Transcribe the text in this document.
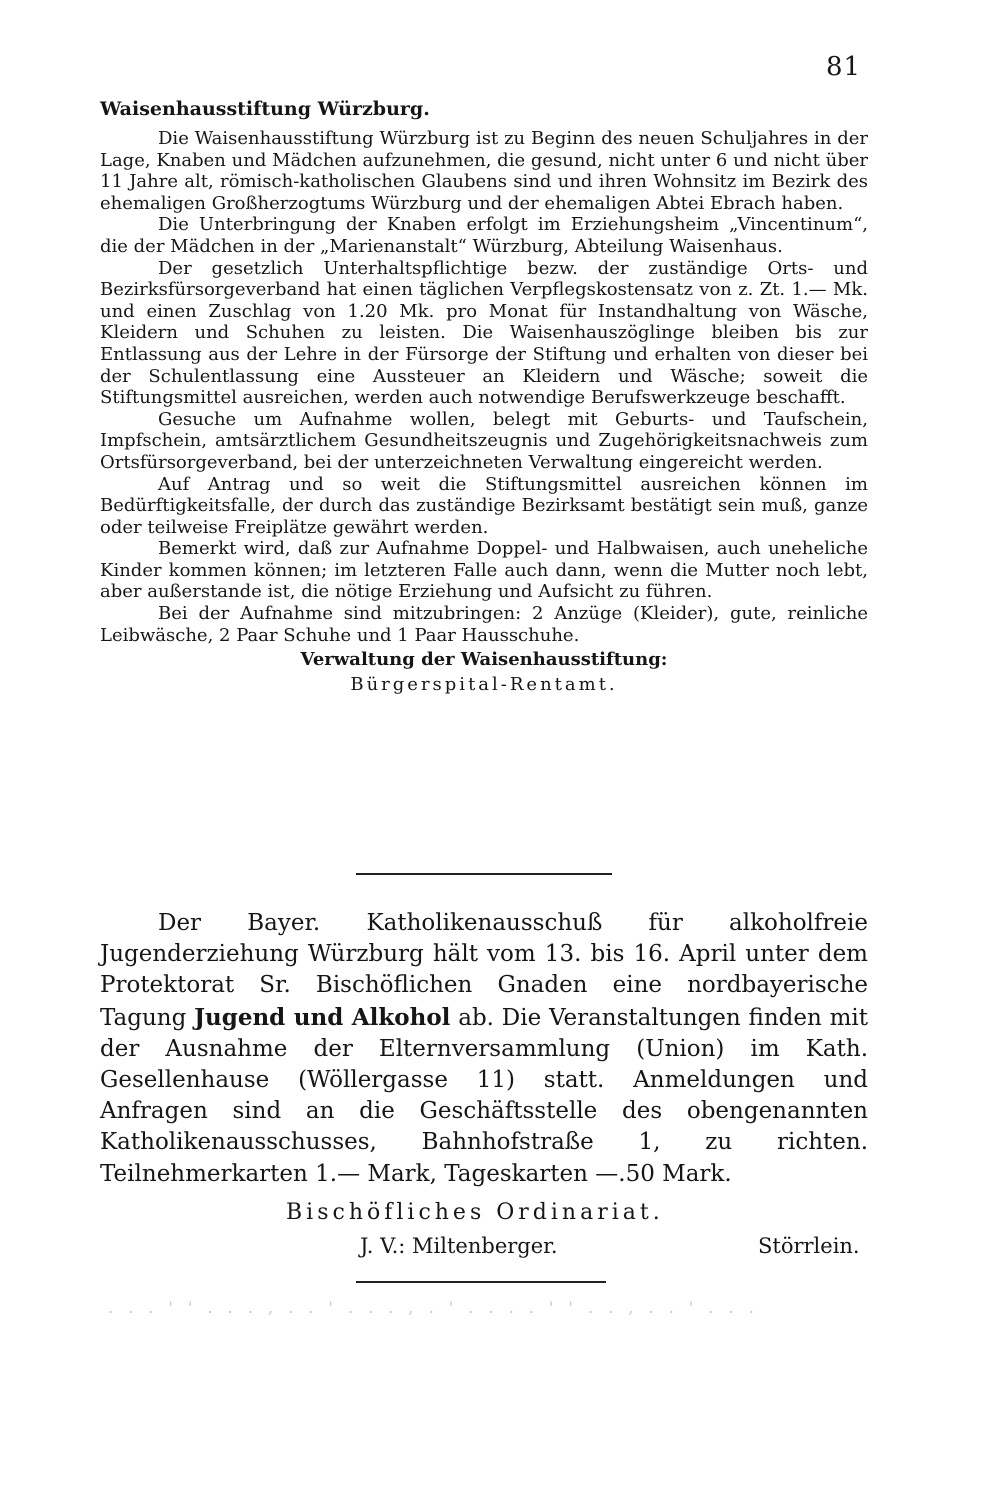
81
Waisenhausstiftung Würzburg.

Die Waisenhausstiftung Würzburg ist zu Beginn des neuen Schuljahres in der Lage, Knaben und Mädchen aufzunehmen, die gesund, nicht unter 6 und nicht über 11 Jahre alt, römisch-katholischen Glaubens sind und ihren Wohnsitz im Bezirk des ehemaligen Großherzogtums Würzburg und der ehemaligen Abtei Ebrach haben.

Die Unterbringung der Knaben erfolgt im Erziehungsheim „Vincentinum“, die der Mädchen in der „Marienanstalt“ Würzburg, Abteilung Waisenhaus.

Der gesetzlich Unterhaltspflichtige bezw. der zuständige Orts- und Bezirksfürsorgeverband hat einen täglichen Verpflegskostensatz von z. Zt. 1.— Mk. und einen Zuschlag von 1.20 Mk. pro Monat für Instandhaltung von Wäsche, Kleidern und Schuhen zu leisten. Die Waisenhauszöglinge bleiben bis zur Entlassung aus der Lehre in der Fürsorge der Stiftung und erhalten von dieser bei der Schulentlassung eine Aussteuer an Kleidern und Wäsche; soweit die Stiftungsmittel ausreichen, werden auch notwendige Berufswerkzeuge beschafft.

Gesuche um Aufnahme wollen, belegt mit Geburts- und Taufschein, Impfschein, amtsärztlichem Gesundheitszeugnis und Zugehörigkeitsnachweis zum Ortsfürsorgeverband, bei der unterzeichneten Verwaltung eingereicht werden.

Auf Antrag und so weit die Stiftungsmittel ausreichen können im Bedürftigkeitsfalle, der durch das zuständige Bezirksamt bestätigt sein muß, ganze oder teilweise Freiplätze gewährt werden.

Bemerkt wird, daß zur Aufnahme Doppel- und Halbwaisen, auch uneheliche Kinder kommen können; im letzteren Falle auch dann, wenn die Mutter noch lebt, aber außerstande ist, die nötige Erziehung und Aufsicht zu führen.

Bei der Aufnahme sind mitzubringen: 2 Anzüge (Kleider), gute, reinliche Leibwäsche, 2 Paar Schuhe und 1 Paar Hausschuhe.

Verwaltung der Waisenhausstiftung:
Bürgerspital-Rentamt.

Der Bayer. Katholikenausschuß für alkoholfreie Jugenderziehung Würzburg hält vom 13. bis 16. April unter dem Protektorat Sr. Bischöflichen Gnaden eine nordbayerische Tagung Jugend und Alkohol ab. Die Veranstaltungen finden mit der Ausnahme der Elternversammlung (Union) im Kath. Gesellenhause (Wöllergasse 11) statt. Anmeldungen und Anfragen sind an die Geschäftsstelle des obengenannten Katholikenausschusses, Bahnhofstraße 1, zu richten. Teilnehmerkarten 1.— Mark, Tageskarten —.50 Mark.

Bischöfliches Ordinariat.
J. V.: Miltenberger.	Störrlein.
. . . ' ' . . . , . . ' . . . , . ' . . . . ' ' . . , . . ' . . .
